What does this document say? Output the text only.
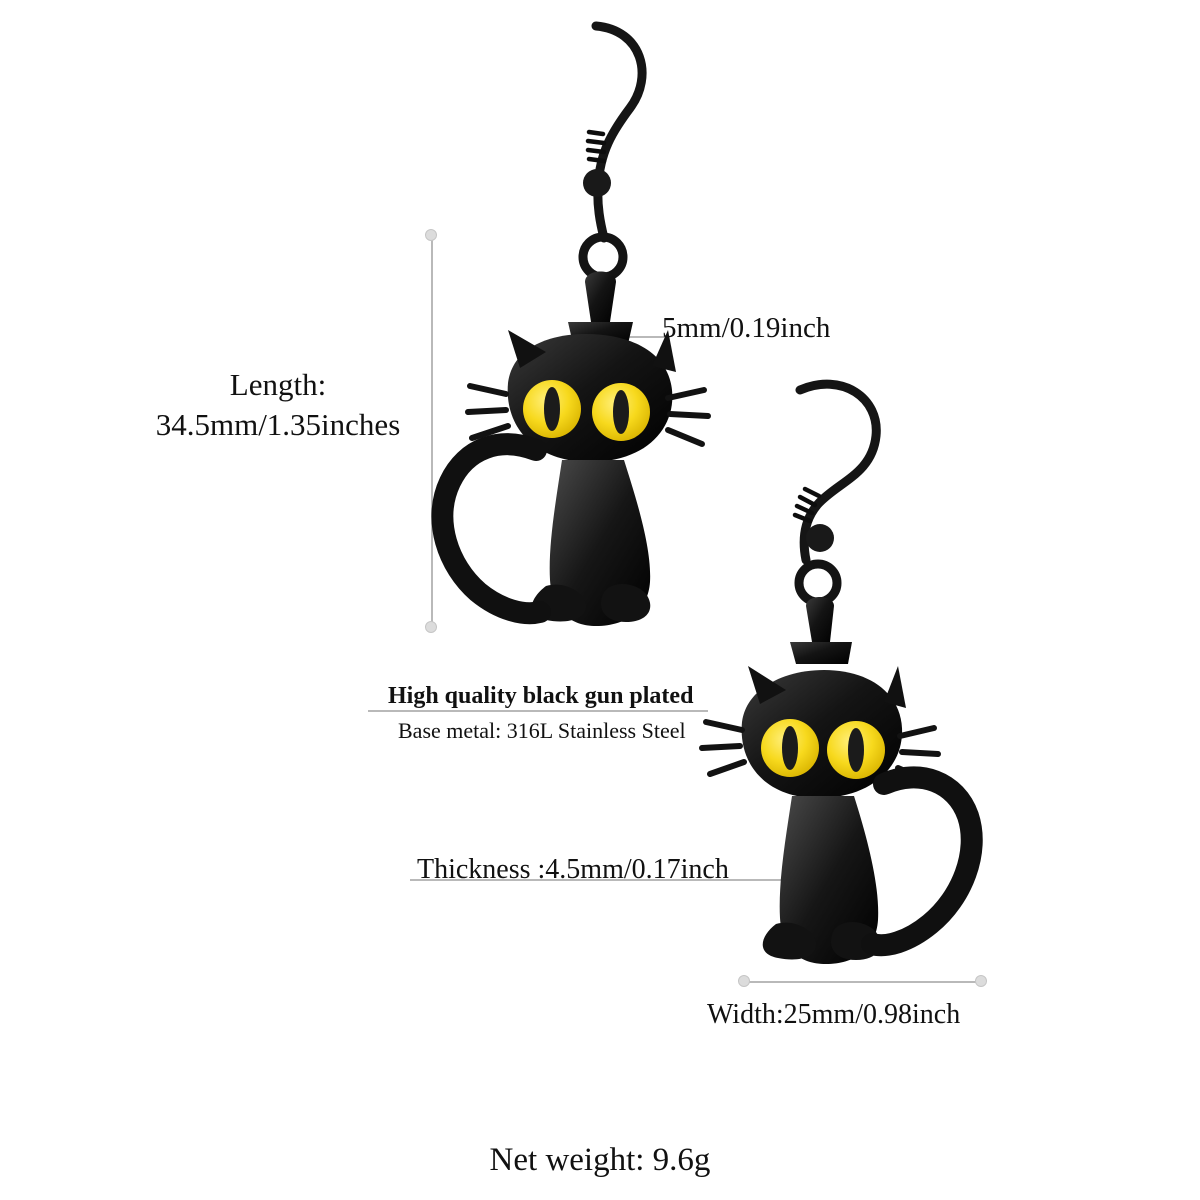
Length:
34.5mm/1.35inches
5mm/0.19inch
High quality black gun plated
Base metal: 316L Stainless Steel
Thickness :4.5mm/0.17inch
Width:25mm/0.98inch
Net weight: 9.6g
